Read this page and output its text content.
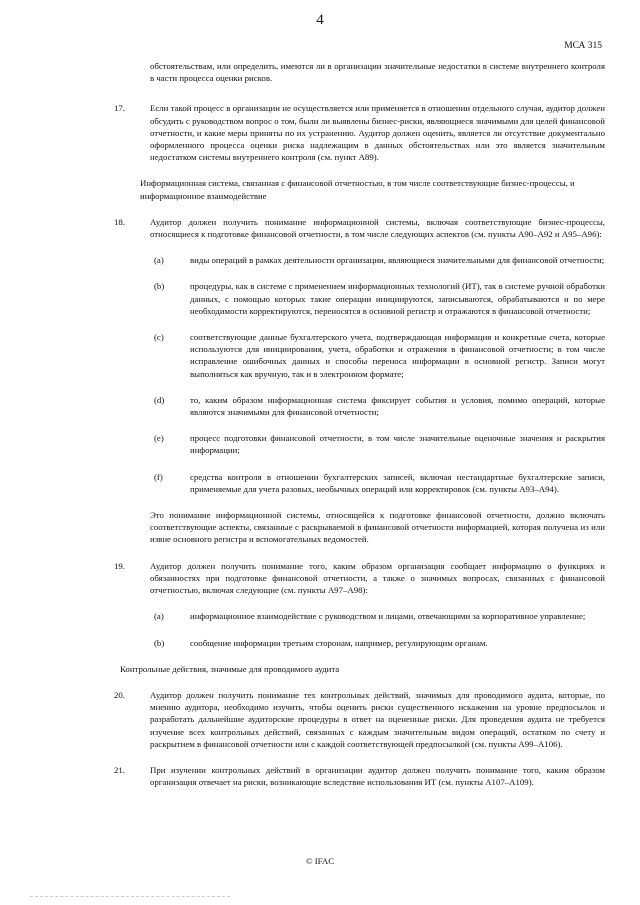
4
МСА 315

обстоятельствам, или определить, имеются ли в организации значительные недостатки в системе внутреннего контроля в части процесса оценки рисков.

17.	Если такой процесс в организации не осуществляется или применяется в отношении отдельного случая, аудитор должен обсудить с руководством вопрос о том, были ли выявлены бизнес-риски, являющиеся значимыми для целей финансовой отчетности, и какие меры приняты по их устранению. Аудитор должен оценить, является ли отсутствие документально оформленного процесса оценки риска надлежащим в данных обстоятельствах или это является значительным недостатком системы внутреннего контроля (см. пункт А89).

Информационная система, связанная с финансовой отчетностью, в том числе соответствующие бизнес-процессы, и информационное взаимодействие

18.	Аудитор должен получить понимание информационной системы, включая соответствующие бизнес-процессы, относящиеся к подготовке финансовой отчетности, в том числе следующих аспектов (см. пункты А90–А92 и А95–А96):

(a)	виды операций в рамках деятельности организации, являющиеся значительными для финансовой отчетности;

(b)	процедуры, как в системе с применением информационных технологий (ИТ), так в системе ручной обработки данных, с помощью которых такие операции инициируются, записываются, обрабатываются и по мере необходимости корректируются, переносятся в основной регистр и отражаются в финансовой отчетности;

(c)	соответствующие данные бухгалтерского учета, подтверждающая информация и конкретные счета, которые используются для инициирования, учета, обработки и отражения в финансовой отчетности; в том числе исправление ошибочных данных и способы переноса информации в основной регистр. Записи могут выполняться как вручную, так и в электронном формате;

(d)	то, каким образом информационная система фиксирует события и условия, помимо операций, которые являются значимыми для финансовой отчетности;

(e)	процесс подготовки финансовой отчетности, в том числе значительные оценочные значения и раскрытия информации;

(f)	средства контроля в отношении бухгалтерских записей, включая нестандартные бухгалтерские записи, применяемые для учета разовых, необычных операций или корректировок (см. пункты А93–А94).

Это понимание информационной системы, относящейся к подготовке финансовой отчетности, должно включать соответствующие аспекты, связанные с раскрываемой в финансовой отчетности информацией, которая получена из или извне основного регистра и вспомогательных ведомостей.

19.	Аудитор должен получить понимание того, каким образом организация сообщает информацию о функциях и обязанностях при подготовке финансовой отчетности, а также о значимых вопросах, связанных с финансовой отчетностью, включая следующие (см. пункты А97–А98):

(a)	информационное взаимодействие с руководством и лицами, отвечающими за корпоративное управление;

(b)	сообщение информации третьим сторонам, например, регулирующим органам.

Контрольные действия, значимые для проводимого аудита

20.	Аудитор должен получить понимание тех контрольных действий, значимых для проводимого аудита, которые, по мнению аудитора, необходимо изучить, чтобы оценить риски существенного искажения на уровне предпосылок и разработать дальнейшие аудиторские процедуры в ответ на оцененные риски. Для проведения аудита не требуется изучение всех контрольных действий, связанных с каждым значительным видом операций, остатком по счету и раскрытием в финансовой отчетности или с каждой соответствующей предпосылкой (см. пункты А99–А106).

21.	При изучении контрольных действий в организации аудитор должен получить понимание того, каким образом организация отвечает на риски, возникающие вследствие использования ИТ (см. пункты А107–А109).

© IFAC
